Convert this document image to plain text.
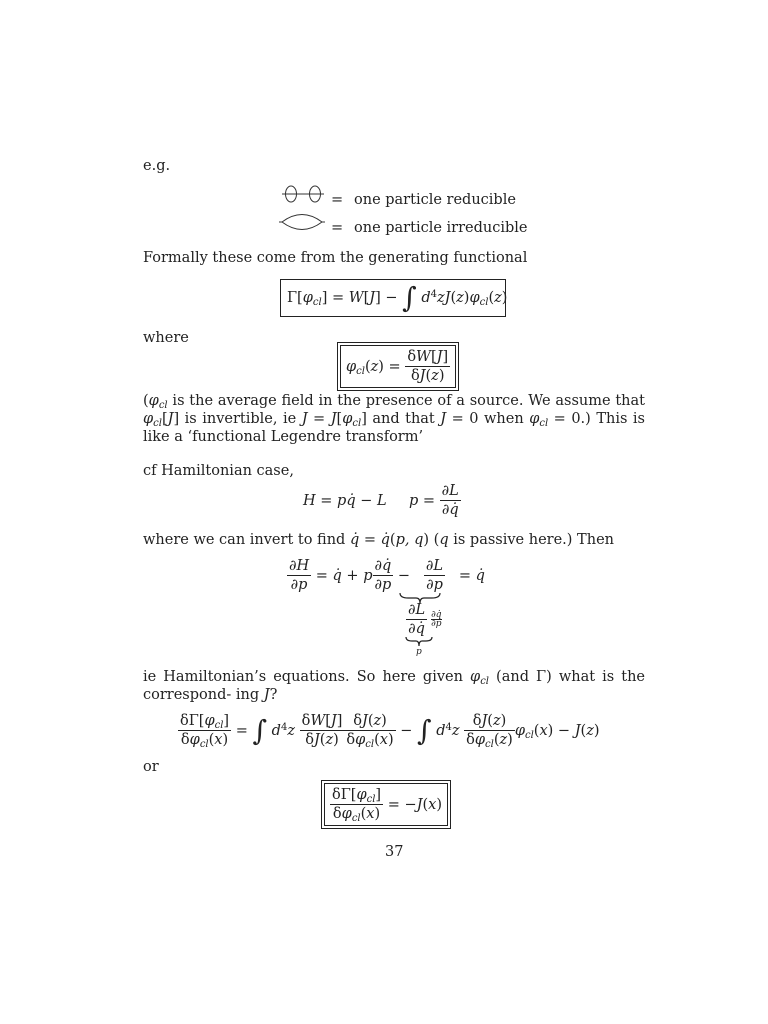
e.g.
= one particle reducible
= one particle irreducible
Formally these come from the generating functional
$\Gamma[\varphi_{cl}] = W[J]$ − ∫ $d^4zJ(z)\varphi_{cl}(z)$
where
$\varphi_{cl}(z) = \frac{\delta W[J]}{\delta J(z)}$
($\varphi_{cl}$ is the average field in the presence of a source. We assume that $\varphi_{cl}[J]$ is invertible, ie $J = J[\varphi_{cl}]$ and that J = 0 when $\varphi_{cl} = 0$.) This is like a ‘functional Legendre transform’
cf Hamiltonian case,
H = pq̇ − L $p = \frac{\partial L}{\partial q̇}$
where we can invert to find q̇ = q̇(p, q) (q is passive here.) Then
$\frac{\partial H}{\partial p}$ = q̇ + p $\frac{\partial q̇}{\partial p} - \frac{\partial L}{\partial p}$ = q̇
$\frac{\partial L}{\partial q̇}$ ∂q̇
∂p
p
ie Hamiltonian’s equations. So here given $\varphi_{cl}$ (and Γ) what is the correspond- ing J?
$\frac{\delta\Gamma[\varphi_{cl}]}{\delta\varphi_{cl}(x)}$ = ∫ $d^4z \frac{\delta W[J]}{\delta J(z)} \frac{\delta J(z)}{\delta\varphi_{cl}(x)}$ − ∫ $d^4z \frac{\delta J(z)}{\delta\varphi_{cl}(z)} \varphi_{cl}(x) - J(z)$
or
$\frac{\delta\Gamma[\varphi_{cl}]}{\delta\varphi_{cl}(x)} = -J(x)$
37
